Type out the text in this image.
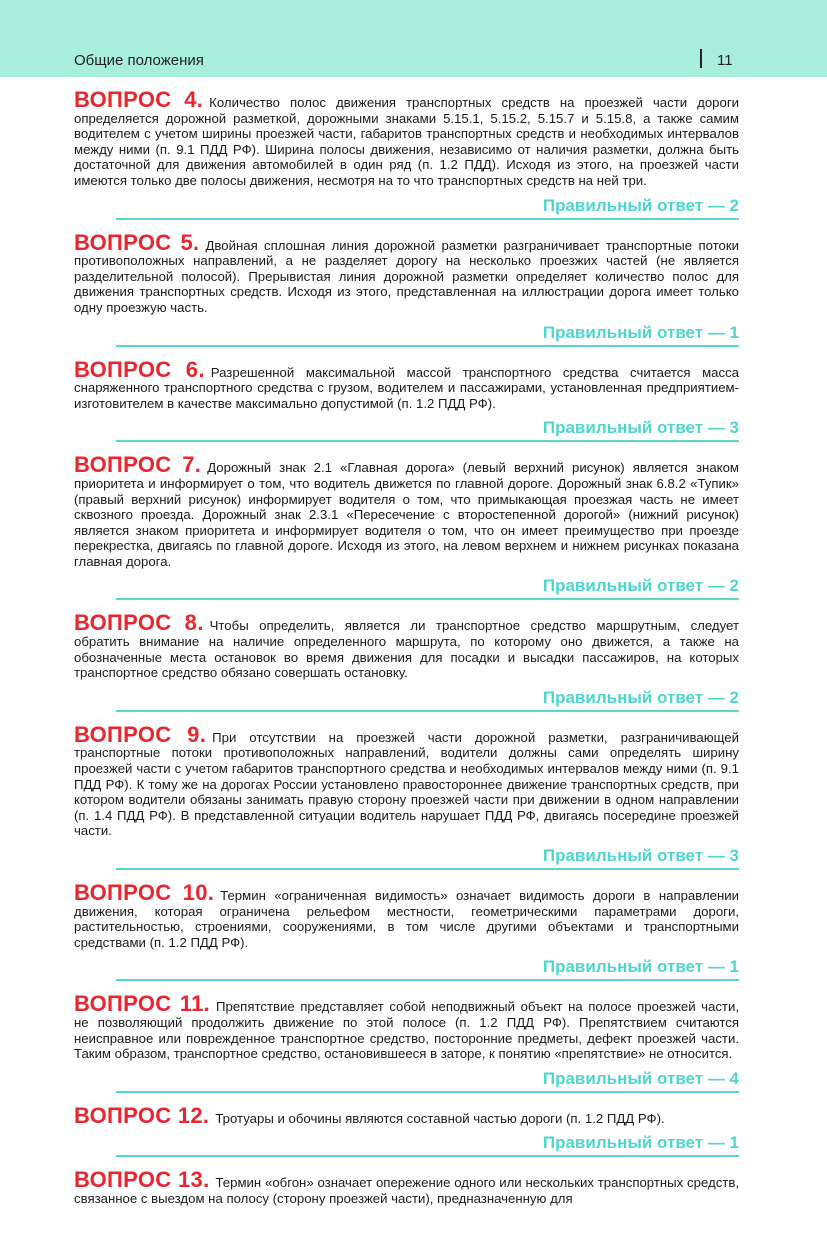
Общие положения	11

ВОПРОС 4. Количество полос движения транспортных средств на проезжей части дороги определяется дорожной разметкой, дорожными знаками 5.15.1, 5.15.2, 5.15.7 и 5.15.8, а также самим водителем с учетом ширины проезжей части, габаритов транспортных средств и необходимых интервалов между ними (п. 9.1 ПДД РФ). Ширина полосы движения, независимо от наличия разметки, должна быть достаточной для движения автомобилей в один ряд (п. 1.2 ПДД). Исходя из этого, на проезжей части имеются только две полосы движения, несмотря на то что транспортных средств на ней три.

Правильный ответ — 2

ВОПРОС 5. Двойная сплошная линия дорожной разметки разграничивает транспортные потоки противоположных направлений, а не разделяет дорогу на несколько проезжих частей (не является разделительной полосой). Прерывистая линия дорожной разметки определяет количество полос для движения транспортных средств. Исходя из этого, представленная на иллюстрации дорога имеет только одну проезжую часть.

Правильный ответ — 1

ВОПРОС 6. Разрешенной максимальной массой транспортного средства считается масса снаряженного транспортного средства с грузом, водителем и пассажирами, установленная предприятием-изготовителем в качестве максимально допустимой (п. 1.2 ПДД РФ).

Правильный ответ — 3

ВОПРОС 7. Дорожный знак 2.1 «Главная дорога» (левый верхний рисунок) является знаком приоритета и информирует о том, что водитель движется по главной дороге. Дорожный знак 6.8.2 «Тупик» (правый верхний рисунок) информирует водителя о том, что примыкающая проезжая часть не имеет сквозного проезда. Дорожный знак 2.3.1 «Пересечение с второстепенной дорогой» (нижний рисунок) является знаком приоритета и информирует водителя о том, что он имеет преимущество при проезде перекрестка, двигаясь по главной дороге. Исходя из этого, на левом верхнем и нижнем рисунках показана главная дорога.

Правильный ответ — 2

ВОПРОС 8. Чтобы определить, является ли транспортное средство маршрутным, следует обратить внимание на наличие определенного маршрута, по которому оно движется, а также на обозначенные места остановок во время движения для посадки и высадки пассажиров, на которых транспортное средство обязано совершать остановку.

Правильный ответ — 2

ВОПРОС 9. При отсутствии на проезжей части дорожной разметки, разграничивающей транспортные потоки противоположных направлений, водители должны сами определять ширину проезжей части с учетом габаритов транспортного средства и необходимых интервалов между ними (п. 9.1 ПДД РФ). К тому же на дорогах России установлено правостороннее движение транспортных средств, при котором водители обязаны занимать правую сторону проезжей части при движении в одном направлении (п. 1.4 ПДД РФ). В представленной ситуации водитель нарушает ПДД РФ, двигаясь посередине проезжей части.

Правильный ответ — 3

ВОПРОС 10. Термин «ограниченная видимость» означает видимость дороги в направлении движения, которая ограничена рельефом местности, геометрическими параметрами дороги, растительностью, строениями, сооружениями, в том числе другими объектами и транспортными средствами (п. 1.2 ПДД РФ).

Правильный ответ — 1

ВОПРОС 11. Препятствие представляет собой неподвижный объект на полосе проезжей части, не позволяющий продолжить движение по этой полосе (п. 1.2 ПДД РФ). Препятствием считаются неисправное или поврежденное транспортное средство, посторонние предметы, дефект проезжей части. Таким образом, транспортное средство, остановившееся в заторе, к понятию «препятствие» не относится.

Правильный ответ — 4

ВОПРОС 12. Тротуары и обочины являются составной частью дороги (п. 1.2 ПДД РФ).

Правильный ответ — 1

ВОПРОС 13. Термин «обгон» означает опережение одного или нескольких транспортных средств, связанное с выездом на полосу (сторону проезжей части), предназначенную для
